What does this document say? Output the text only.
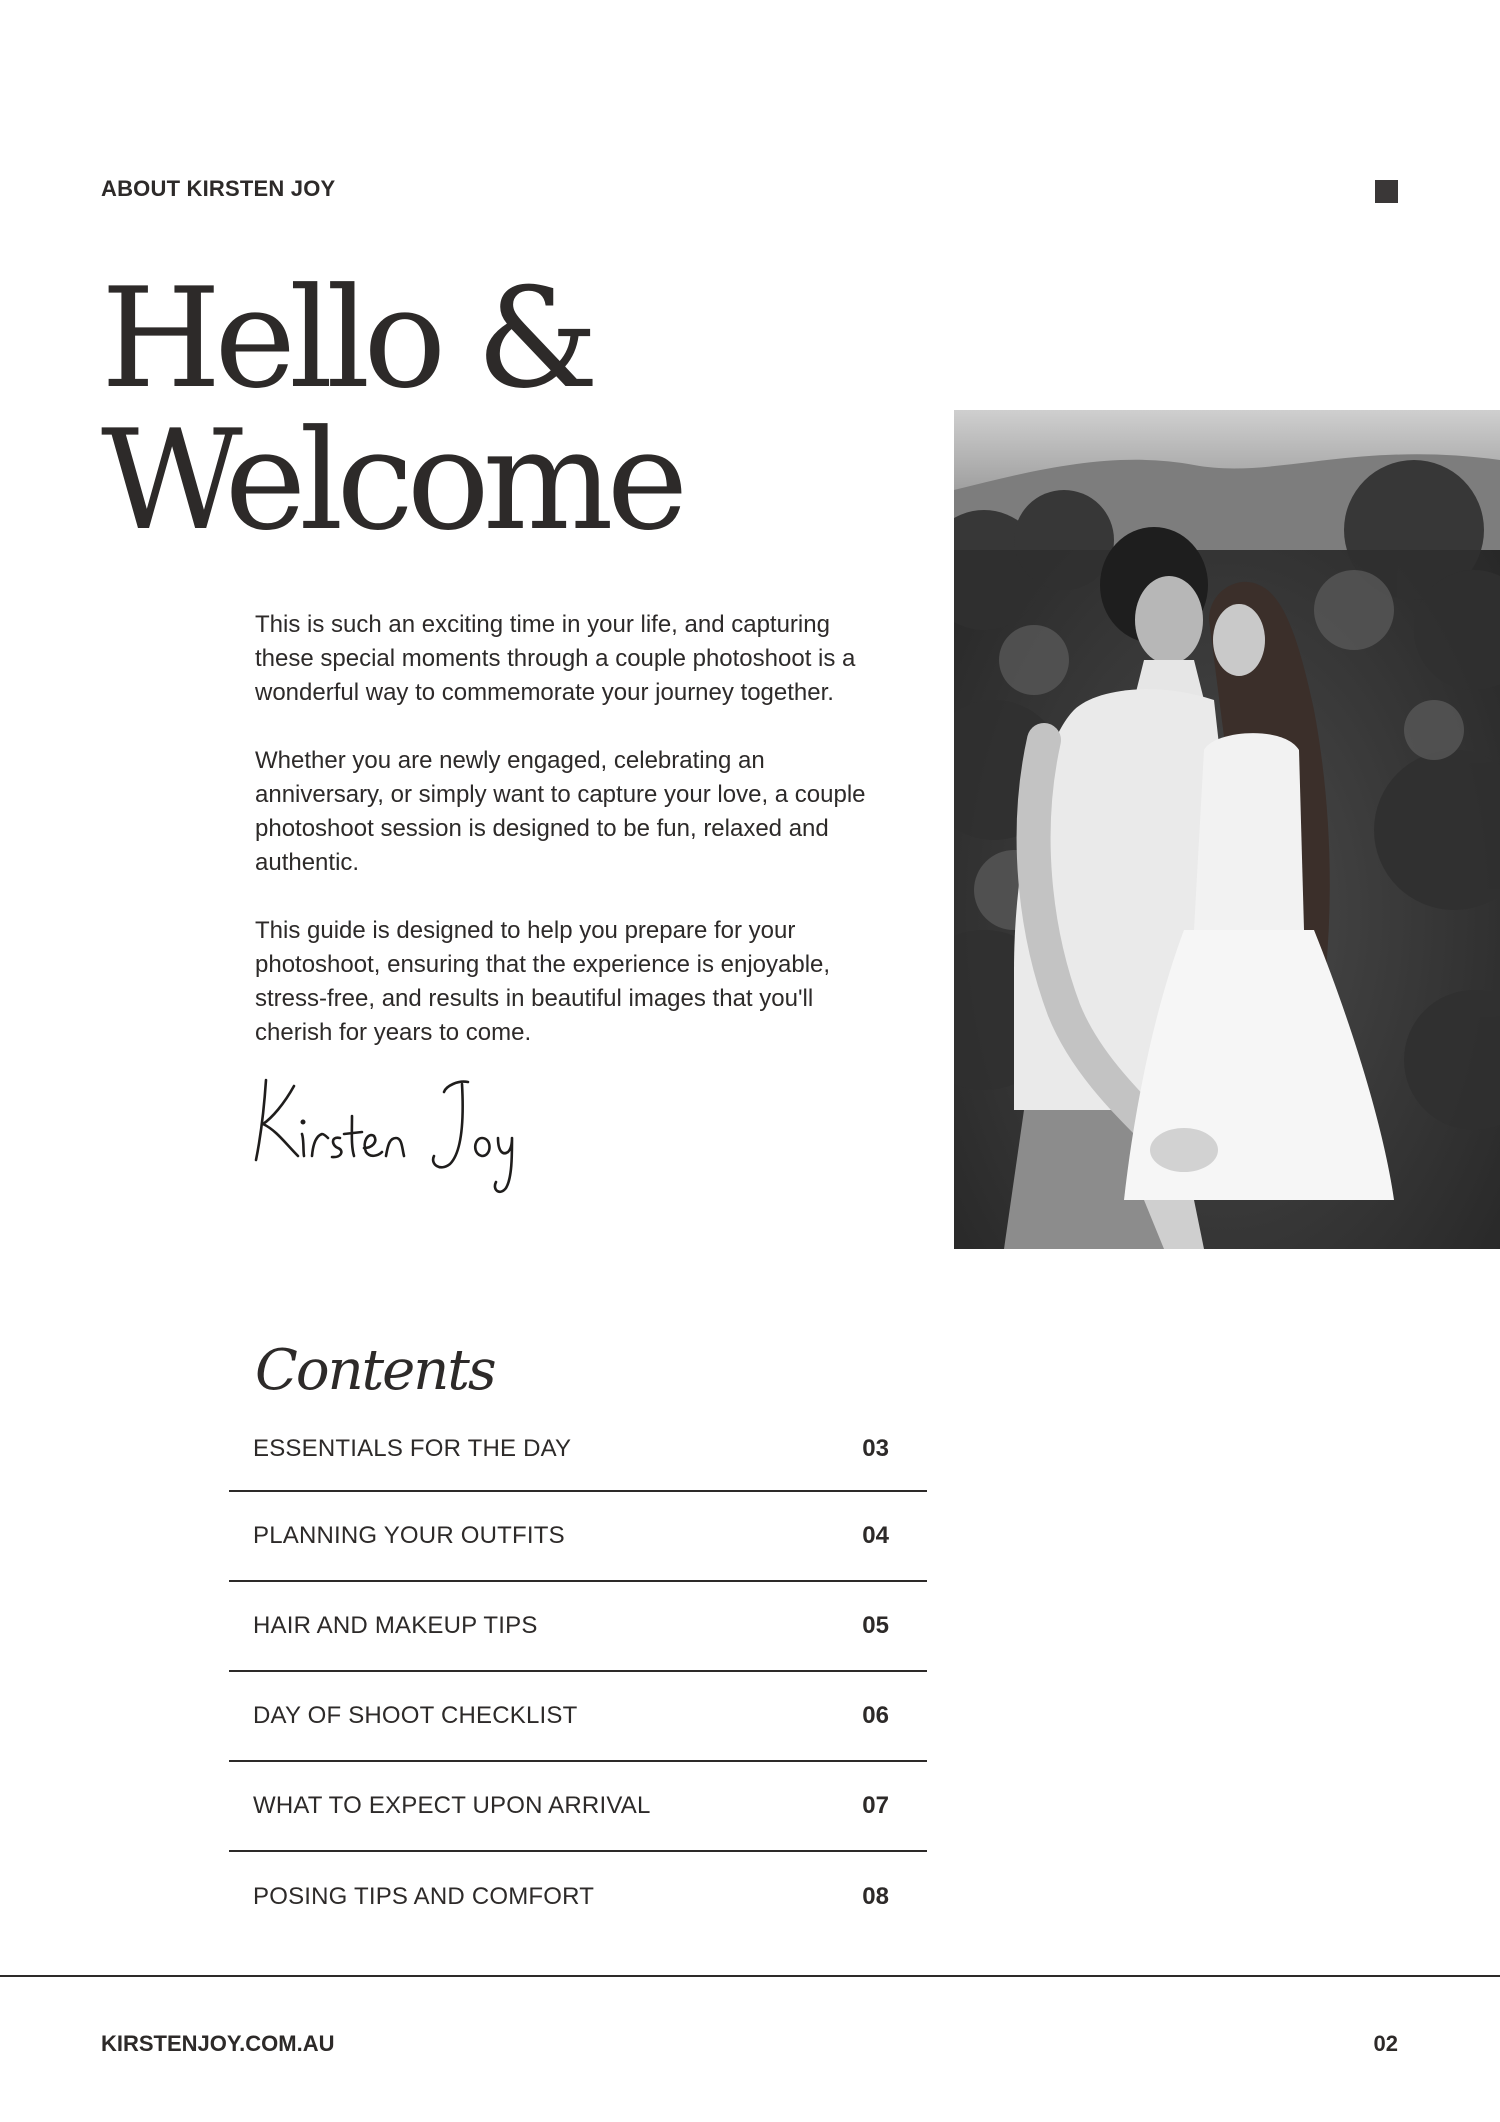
ABOUT KIRSTEN JOY
Hello &
Welcome

This is such an exciting time in your life, and capturing these special moments through a couple photoshoot is a wonderful way to commemorate your journey together.

Whether you are newly engaged, celebrating an anniversary, or simply want to capture your love, a couple photoshoot session is designed to be fun, relaxed and authentic.

This guide is designed to help you prepare for your photoshoot, ensuring that the experience is enjoyable, stress-free, and results in beautiful images that you'll cherish for years to come.

Contents
ESSENTIALS FOR THE DAY	03
PLANNING YOUR OUTFITS	04
HAIR AND MAKEUP TIPS	05
DAY OF SHOOT CHECKLIST	06
WHAT TO EXPECT UPON ARRIVAL	07
POSING TIPS AND COMFORT	08
KIRSTENJOY.COM.AU	02
